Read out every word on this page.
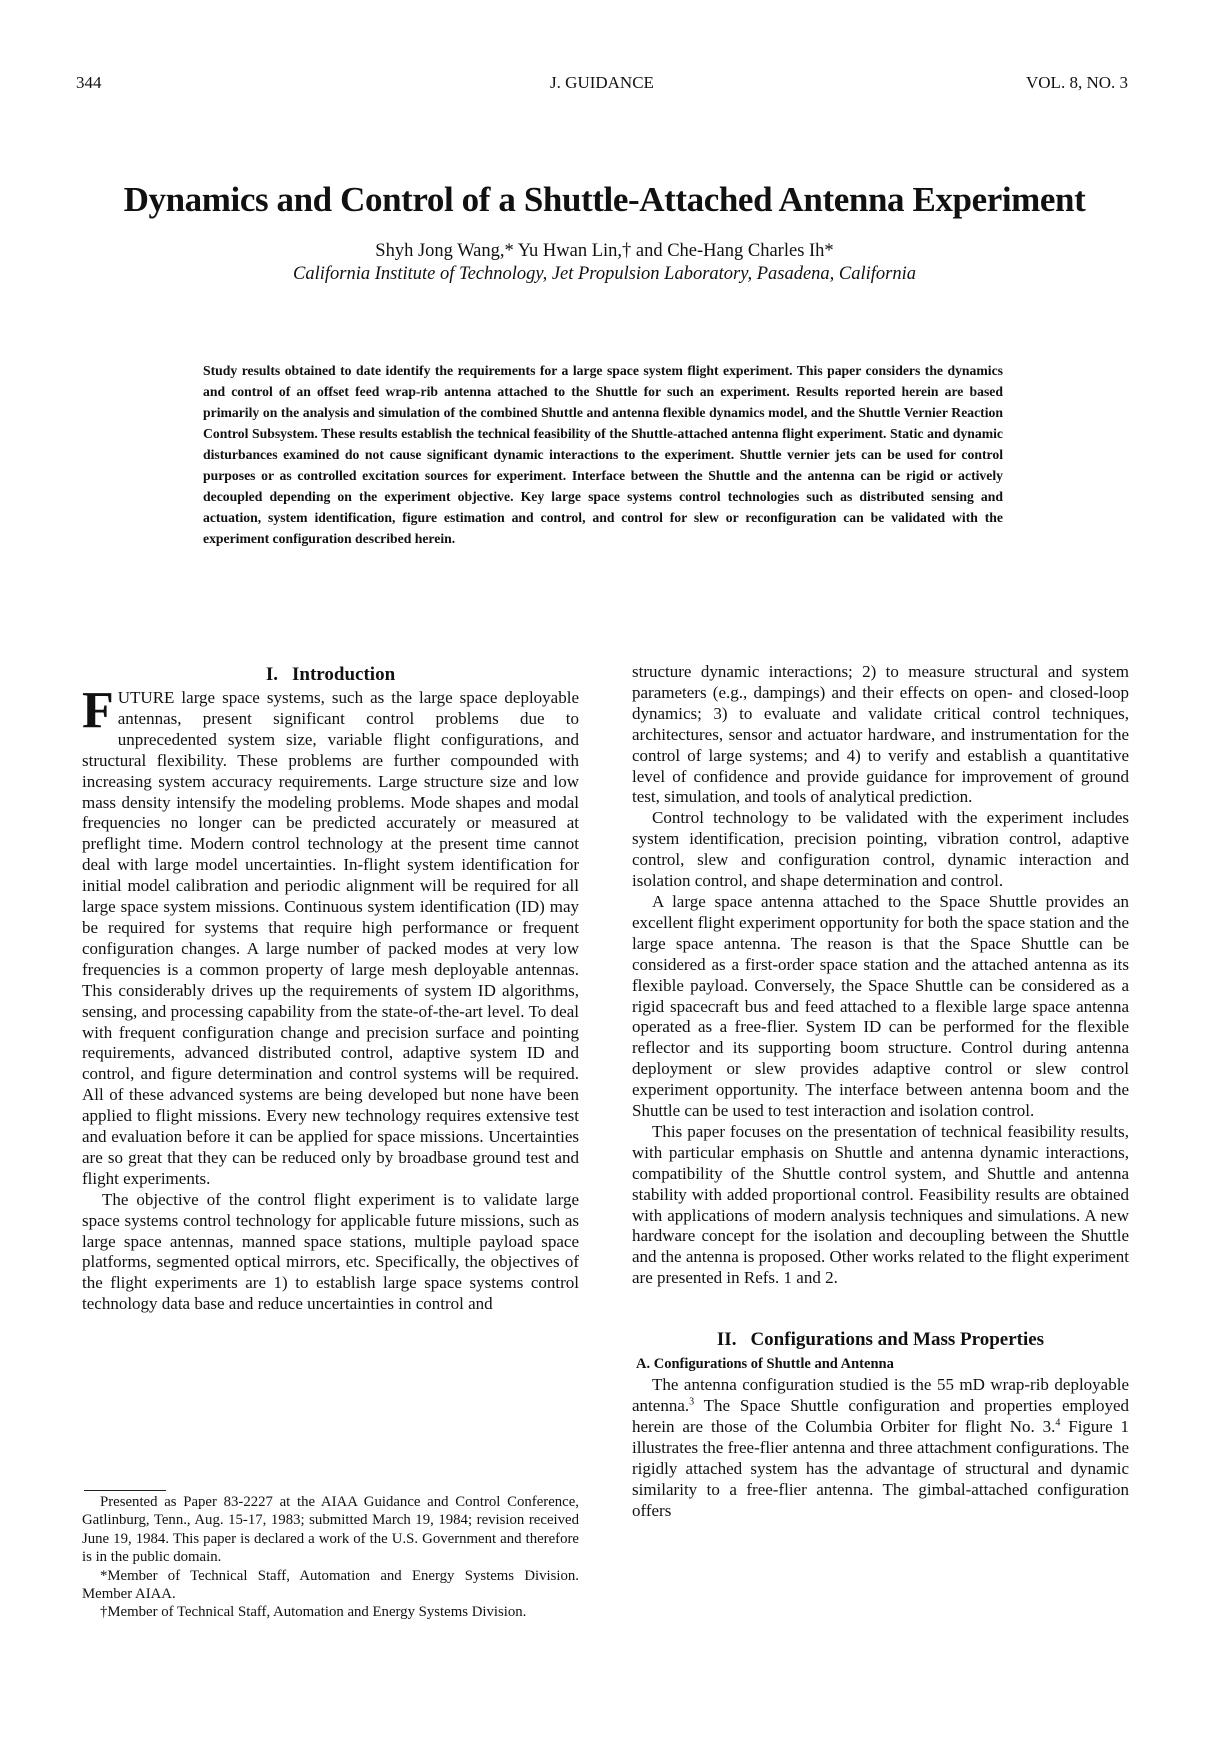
344	J. GUIDANCE	VOL. 8, NO. 3
Dynamics and Control of a Shuttle-Attached Antenna Experiment
Shyh Jong Wang,* Yu Hwan Lin,† and Che-Hang Charles Ih*
California Institute of Technology, Jet Propulsion Laboratory, Pasadena, California
Study results obtained to date identify the requirements for a large space system flight experiment. This paper considers the dynamics and control of an offset feed wrap-rib antenna attached to the Shuttle for such an experiment. Results reported herein are based primarily on the analysis and simulation of the combined Shuttle and antenna flexible dynamics model, and the Shuttle Vernier Reaction Control Subsystem. These results establish the technical feasibility of the Shuttle-attached antenna flight experiment. Static and dynamic disturbances examined do not cause significant dynamic interactions to the experiment. Shuttle vernier jets can be used for control purposes or as controlled excitation sources for experiment. Interface between the Shuttle and the antenna can be rigid or actively decoupled depending on the experiment objective. Key large space systems control technologies such as distributed sensing and actuation, system identification, figure estimation and control, and control for slew or reconfiguration can be validated with the experiment configuration described herein.
I. Introduction

FUTURE large space systems, such as the large space deployable antennas, present significant control problems due to unprecedented system size, variable flight configurations, and structural flexibility. These problems are further compounded with increasing system accuracy requirements. Large structure size and low mass density intensify the modeling problems. Mode shapes and modal frequencies no longer can be predicted accurately or measured at preflight time. Modern control technology at the present time cannot deal with large model uncertainties. In-flight system identification for initial model calibration and periodic alignment will be required for all large space system missions. Continuous system identification (ID) may be required for systems that require high performance or frequent configuration changes. A large number of packed modes at very low frequencies is a common property of large mesh deployable antennas. This considerably drives up the requirements of system ID algorithms, sensing, and processing capability from the state-of-the-art level. To deal with frequent configuration change and precision surface and pointing requirements, advanced distributed control, adaptive system ID and control, and figure determination and control systems will be required. All of these advanced systems are being developed but none have been applied to flight missions. Every new technology requires extensive test and evaluation before it can be applied for space missions. Uncertainties are so great that they can be reduced only by broadbase ground test and flight experiments.

The objective of the control flight experiment is to validate large space systems control technology for applicable future missions, such as large space antennas, manned space stations, multiple payload space platforms, segmented optical mirrors, etc. Specifically, the objectives of the flight experiments are 1) to establish large space systems control technology data base and reduce uncertainties in control and

Presented as Paper 83-2227 at the AIAA Guidance and Control Conference, Gatlinburg, Tenn., Aug. 15-17, 1983; submitted March 19, 1984; revision received June 19, 1984. This paper is declared a work of the U.S. Government and therefore is in the public domain.

*Member of Technical Staff, Automation and Energy Systems Division. Member AIAA.

†Member of Technical Staff, Automation and Energy Systems Division.

structure dynamic interactions; 2) to measure structural and system parameters (e.g., dampings) and their effects on open- and closed-loop dynamics; 3) to evaluate and validate critical control techniques, architectures, sensor and actuator hardware, and instrumentation for the control of large systems; and 4) to verify and establish a quantitative level of confidence and provide guidance for improvement of ground test, simulation, and tools of analytical prediction.

Control technology to be validated with the experiment includes system identification, precision pointing, vibration control, adaptive control, slew and configuration control, dynamic interaction and isolation control, and shape determination and control.

A large space antenna attached to the Space Shuttle provides an excellent flight experiment opportunity for both the space station and the large space antenna. The reason is that the Space Shuttle can be considered as a first-order space station and the attached antenna as its flexible payload. Conversely, the Space Shuttle can be considered as a rigid spacecraft bus and feed attached to a flexible large space antenna operated as a free-flier. System ID can be performed for the flexible reflector and its supporting boom structure. Control during antenna deployment or slew provides adaptive control or slew control experiment opportunity. The interface between antenna boom and the Shuttle can be used to test interaction and isolation control.

This paper focuses on the presentation of technical feasibility results, with particular emphasis on Shuttle and antenna dynamic interactions, compatibility of the Shuttle control system, and Shuttle and antenna stability with added proportional control. Feasibility results are obtained with applications of modern analysis techniques and simulations. A new hardware concept for the isolation and decoupling between the Shuttle and the antenna is proposed. Other works related to the flight experiment are presented in Refs. 1 and 2.

II. Configurations and Mass Properties
A. Configurations of Shuttle and Antenna

The antenna configuration studied is the 55 mD wrap-rib deployable antenna.$^3$ The Space Shuttle configuration and properties employed herein are those of the Columbia Orbiter for flight No. 3.$^4$ Figure 1 illustrates the free-flier antenna and three attachment configurations. The rigidly attached system has the advantage of structural and dynamic similarity to a free-flier antenna. The gimbal-attached configuration offers
